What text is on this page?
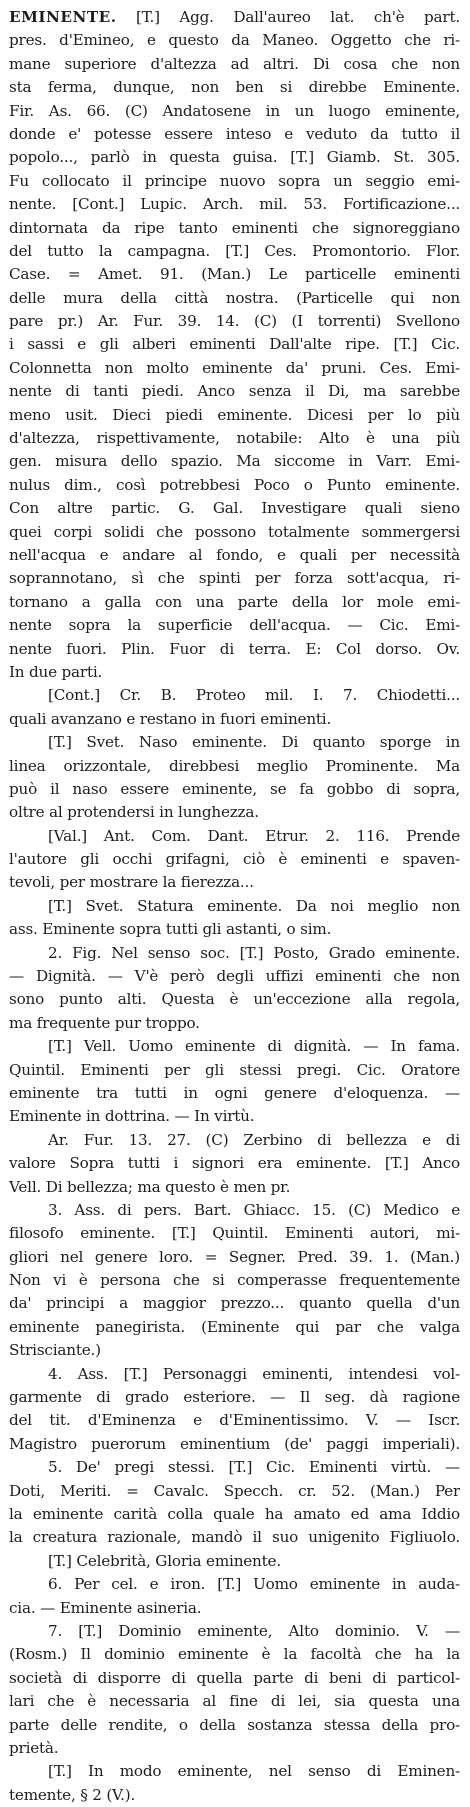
EMINENTE. [T.] Agg. Dall'aureo lat. ch'è part.
pres. d'Emineo, e questo da Maneo. Oggetto che ri-
mane superiore d'altezza ad altri. Di cosa che non
sta ferma, dunque, non ben si direbbe Eminente.
Fir. As. 66. (C) Andatosene in un luogo eminente,
donde e' potesse essere inteso e veduto da tutto il
popolo..., parlò in questa guisa. [T.] Giamb. St. 305.
Fu collocato il principe nuovo sopra un seggio emi-
nente. [Cont.] Lupic. Arch. mil. 53. Fortificazione...
dintornata da ripe tanto eminenti che signoreggiano
del tutto la campagna. [T.] Ces. Promontorio. Flor.
Case. = Amet. 91. (Man.) Le particelle eminenti
delle mura della città nostra. (Particelle qui non
pare pr.) Ar. Fur. 39. 14. (C) (I torrenti) Svellono
i sassi e gli alberi eminenti Dall'alte ripe. [T.] Cic.
Colonnetta non molto eminente da' pruni. Ces. Emi-
nente di tanti piedi. Anco senza il Di, ma sarebbe
meno usit. Dieci piedi eminente. Dicesi per lo più
d'altezza, rispettivamente, notabile: Alto è una più
gen. misura dello spazio. Ma siccome in Varr. Emi-
nulus dim., così potrebbesi Poco o Punto eminente.
Con altre partic. G. Gal. Investigare quali sieno
quei corpi solidi che possono totalmente sommergersi
nell'acqua e andare al fondo, e quali per necessità
soprannotano, sì che spinti per forza sott'acqua, ri-
tornano a galla con una parte della lor mole emi-
nente sopra la superficie dell'acqua. — Cic. Emi-
nente fuori. Plin. Fuor di terra. E: Col dorso. Ov.
In due parti.
[Cont.] Cr. B. Proteo mil. I. 7. Chiodetti...
quali avanzano e restano in fuori eminenti.
[T.] Svet. Naso eminente. Di quanto sporge in
linea orizzontale, direbbesi meglio Prominente. Ma
può il naso essere eminente, se fa gobbo di sopra,
oltre al protendersi in lunghezza.
[Val.] Ant. Com. Dant. Etrur. 2. 116. Prende
l'autore gli occhi grifagni, ciò è eminenti e spaven-
tevoli, per mostrare la fierezza...
[T.] Svet. Statura eminente. Da noi meglio non
ass. Eminente sopra tutti gli astanti, o sim.
2. Fig. Nel senso soc. [T.] Posto, Grado eminente.
— Dignità. — V'è però degli uffizi eminenti che non
sono punto alti. Questa è un'eccezione alla regola,
ma frequente pur troppo.
[T.] Vell. Uomo eminente di dignità. — In fama.
Quintil. Eminenti per gli stessi pregi. Cic. Oratore
eminente tra tutti in ogni genere d'eloquenza. —
Eminente in dottrina. — In virtù.
Ar. Fur. 13. 27. (C) Zerbino di bellezza e di
valore Sopra tutti i signori era eminente. [T.] Anco
Vell. Di bellezza; ma questo è men pr.
3. Ass. di pers. Bart. Ghiacc. 15. (C) Medico e
filosofo eminente. [T.] Quintil. Eminenti autori, mi-
gliori nel genere loro. = Segner. Pred. 39. 1. (Man.)
Non vi è persona che si comperasse frequentemente
da' principi a maggior prezzo... quanto quella d'un
eminente panegirista. (Eminente qui par che valga
Strisciante.)
4. Ass. [T.] Personaggi eminenti, intendesi vol-
garmente di grado esteriore. — Il seg. dà ragione
del tit. d'Eminenza e d'Eminentissimo. V. — Iscr.
Magistro puerorum eminentium (de' paggi imperiali).
5. De' pregi stessi. [T.] Cic. Eminenti virtù. —
Doti, Meriti. = Cavalc. Specch. cr. 52. (Man.) Per
la eminente carità colla quale ha amato ed ama Iddio
la creatura razionale, mandò il suo unigenito Figliuolo.
[T.] Celebrità, Gloria eminente.
6. Per cel. e iron. [T.] Uomo eminente in auda-
cia. — Eminente asineria.
7. [T.] Dominio eminente, Alto dominio. V. —
(Rosm.) Il dominio eminente è la facoltà che ha la
società di disporre di quella parte di beni di particol-
lari che è necessaria al fine di lei, sia questa una
parte delle rendite, o della sostanza stessa della pro-
prietà.
[T.] In modo eminente, nel senso di Eminen-
temente, § 2 (V.).
